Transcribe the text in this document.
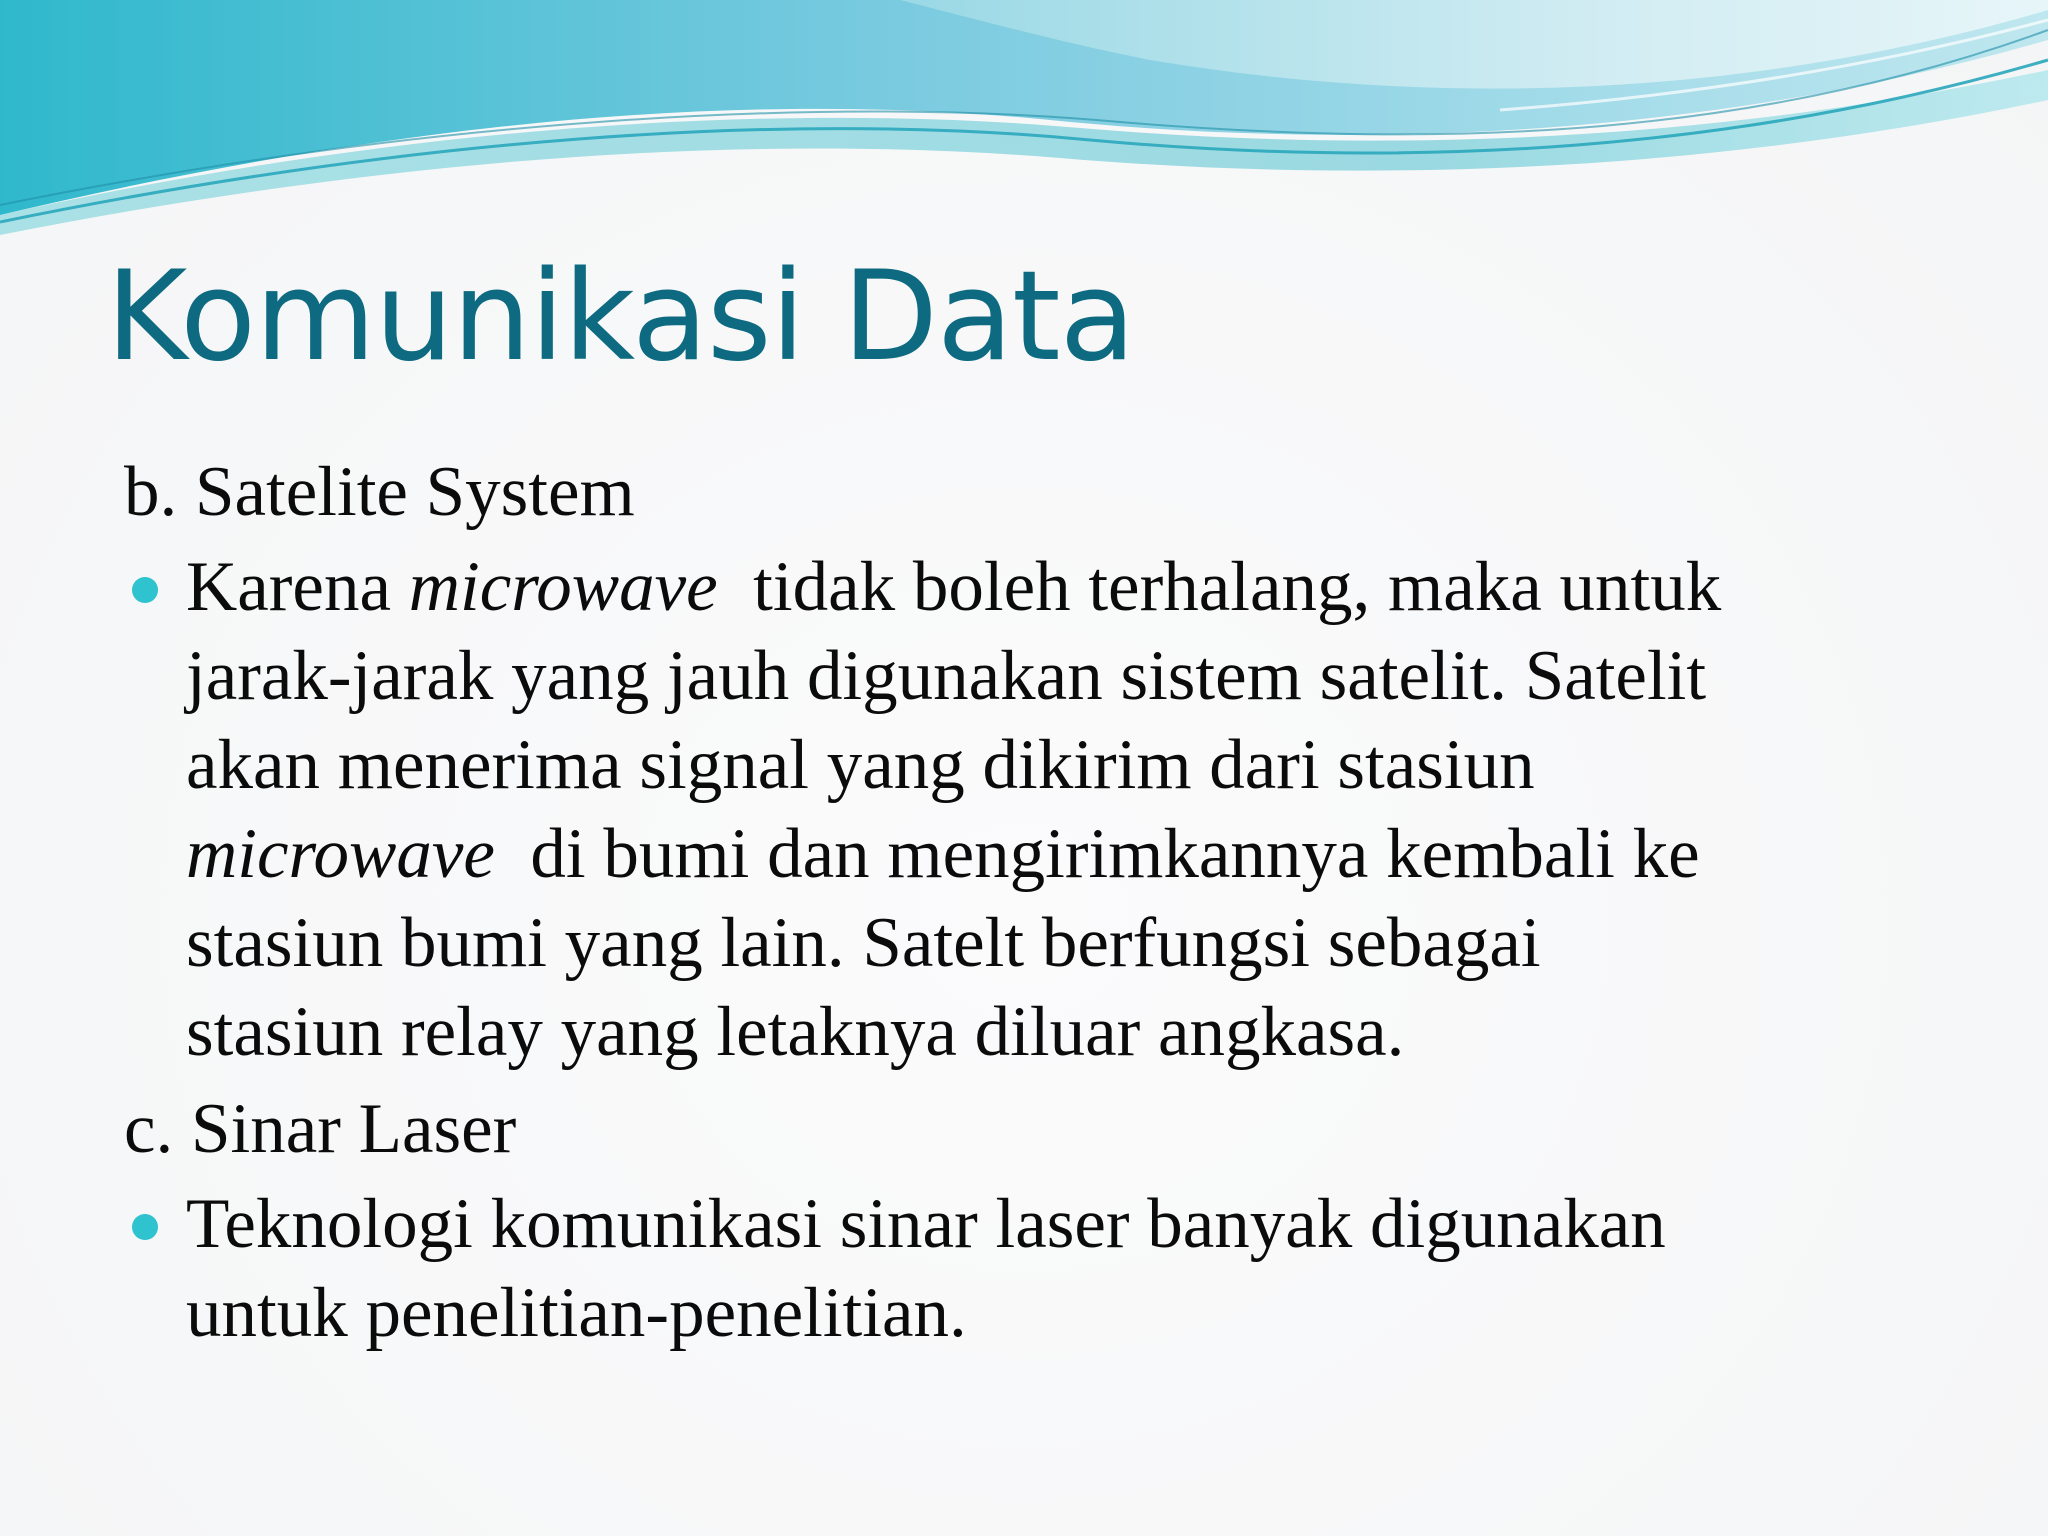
Komunikasi Data

b. Satelite System

Karena microwave  tidak boleh terhalang, maka untuk
jarak-jarak yang jauh digunakan sistem satelit. Satelit
akan menerima signal yang dikirim dari stasiun
microwave  di bumi dan mengirimkannya kembali ke
stasiun bumi yang lain. Satelt berfungsi sebagai
stasiun relay yang letaknya diluar angkasa.

c. Sinar Laser

Teknologi komunikasi sinar laser banyak digunakan
untuk penelitian-penelitian.
